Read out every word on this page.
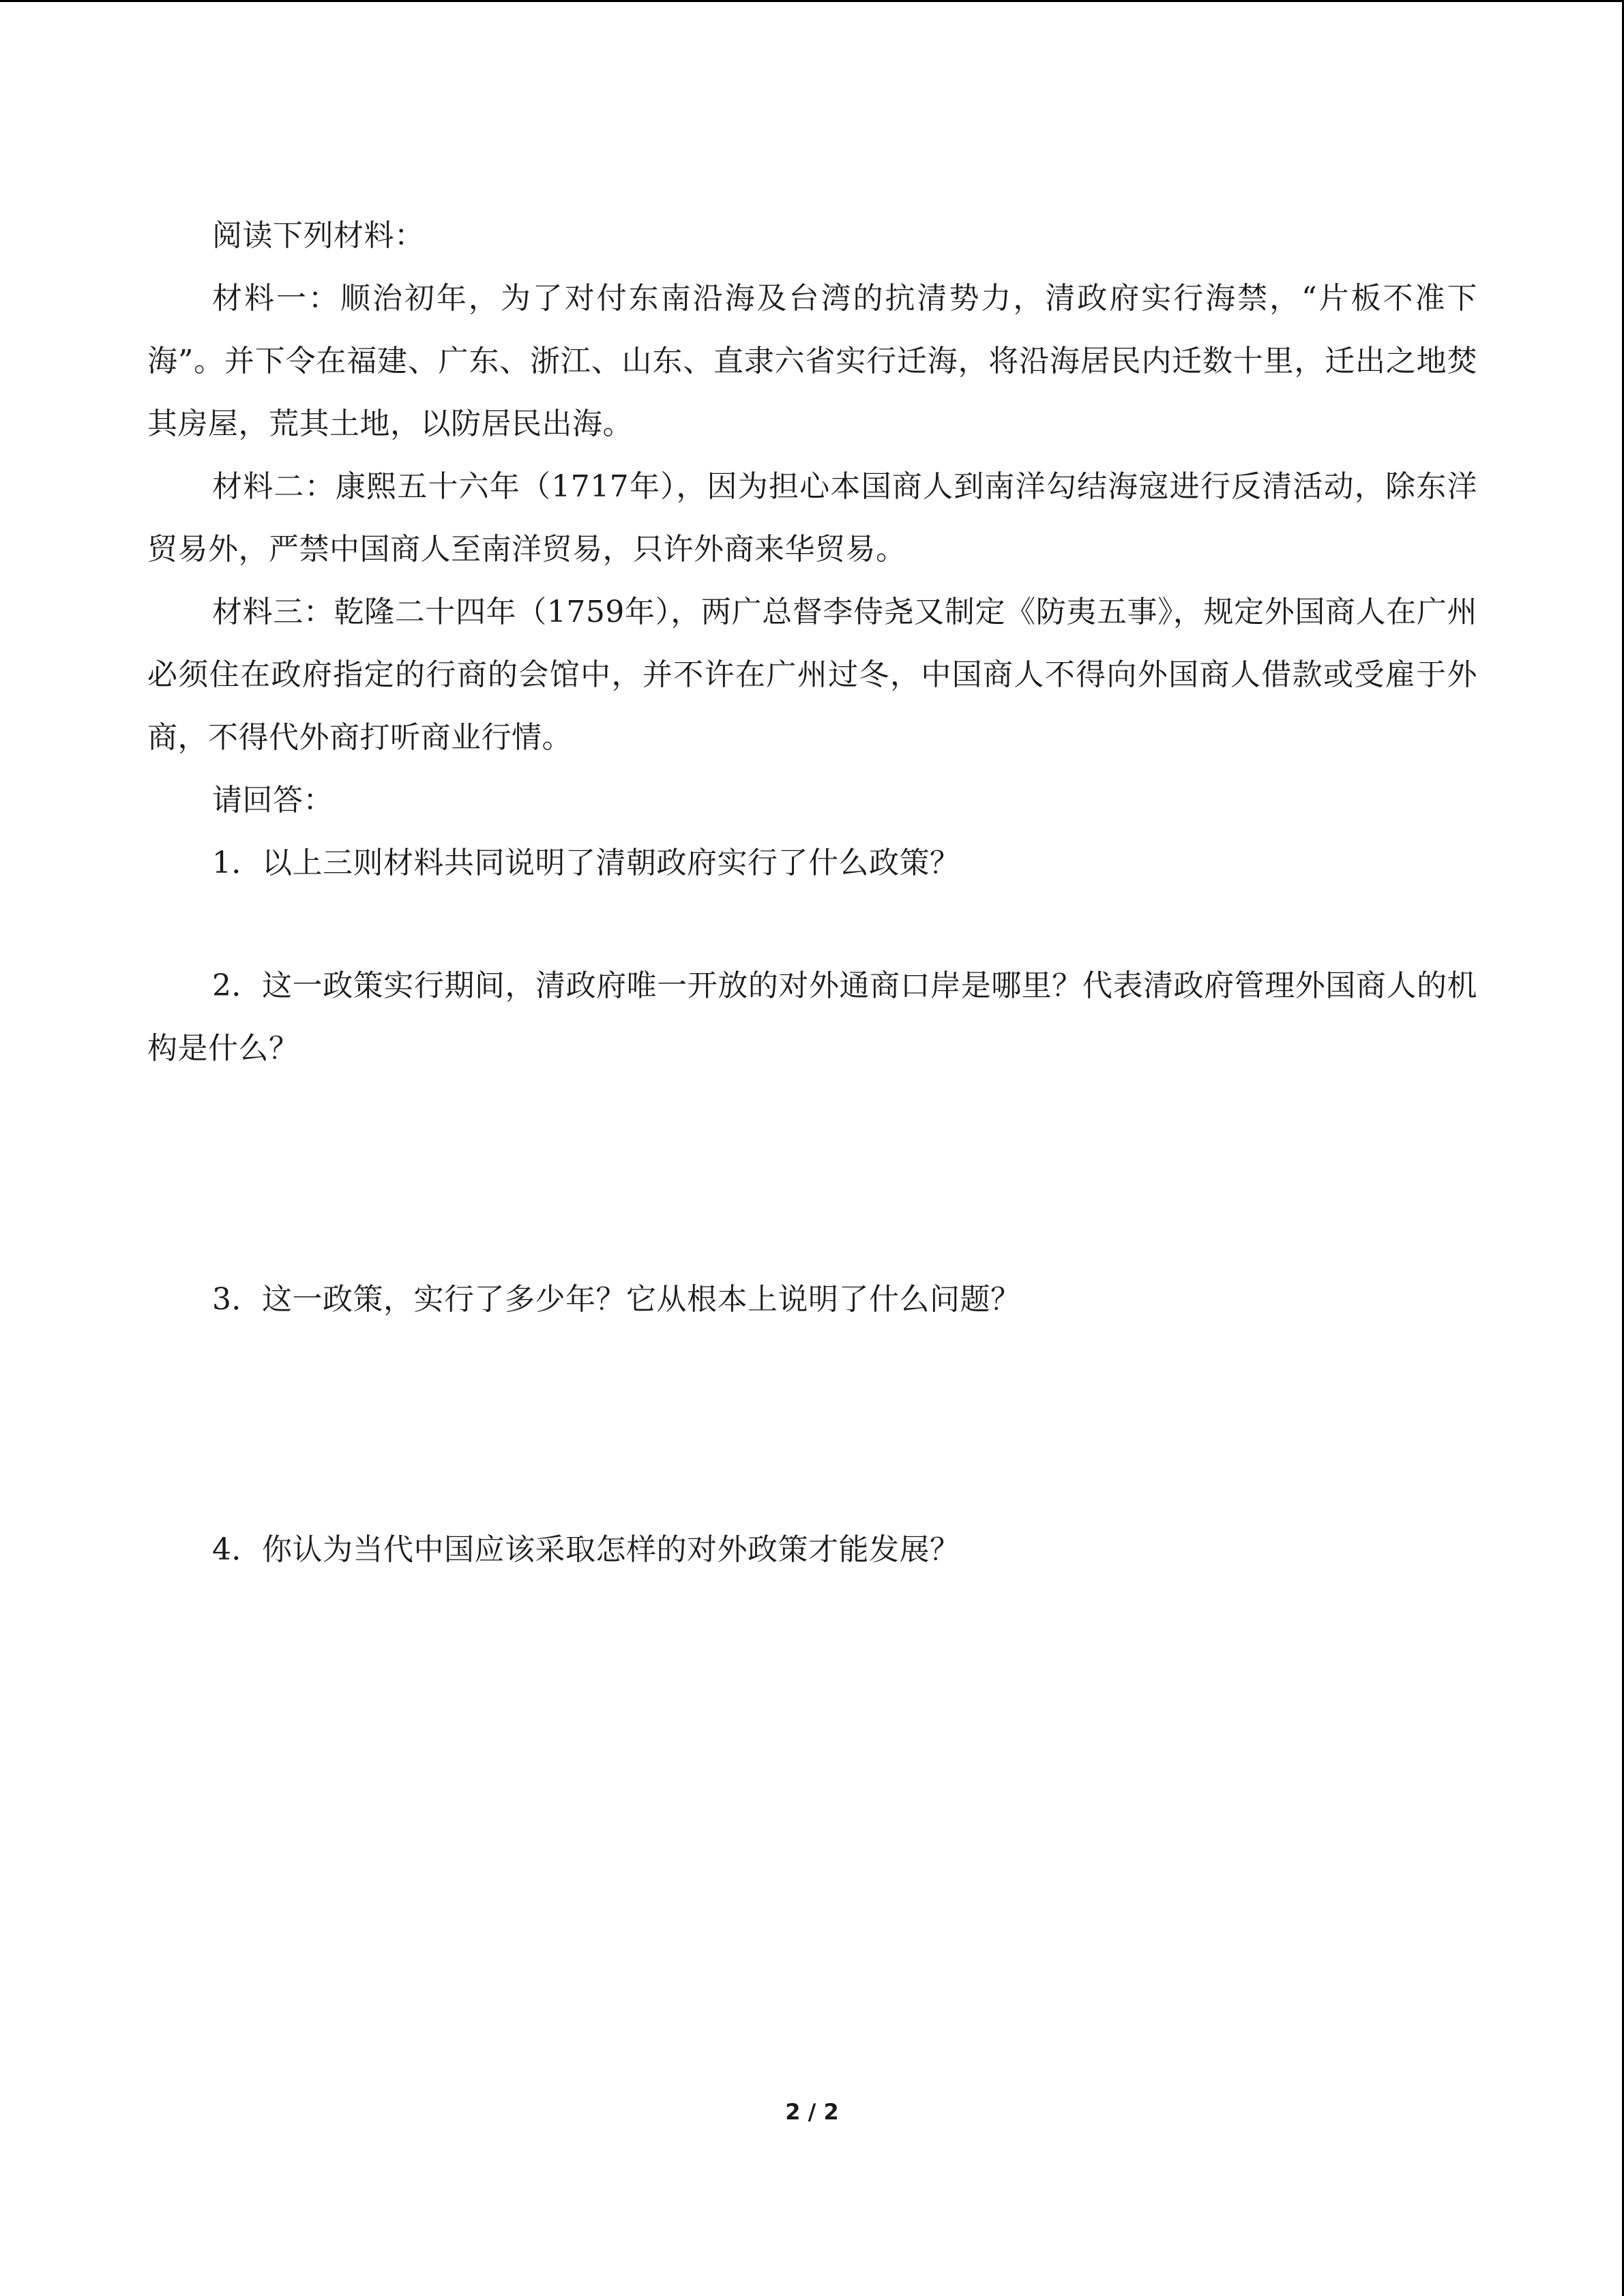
阅读下列材料：

材料一：顺治初年，为了对付东南沿海及台湾的抗清势力，清政府实行海禁，“片板不准下海”。并下令在福建、广东、浙江、山东、直隶六省实行迁海，将沿海居民内迁数十里，迁出之地焚其房屋，荒其土地，以防居民出海。

材料二：康熙五十六年（1717年），因为担心本国商人到南洋勾结海寇进行反清活动，除东洋贸易外，严禁中国商人至南洋贸易，只许外商来华贸易。

材料三：乾隆二十四年（1759年），两广总督李侍尧又制定《防夷五事》，规定外国商人在广州必须住在政府指定的行商的会馆中，并不许在广州过冬，中国商人不得向外国商人借款或受雇于外商，不得代外商打听商业行情。

请回答：

1．以上三则材料共同说明了清朝政府实行了什么政策？

2．这一政策实行期间，清政府唯一开放的对外通商口岸是哪里？代表清政府管理外国商人的机构是什么？

3．这一政策，实行了多少年？它从根本上说明了什么问题？

4．你认为当代中国应该采取怎样的对外政策才能发展？

2 / 2
